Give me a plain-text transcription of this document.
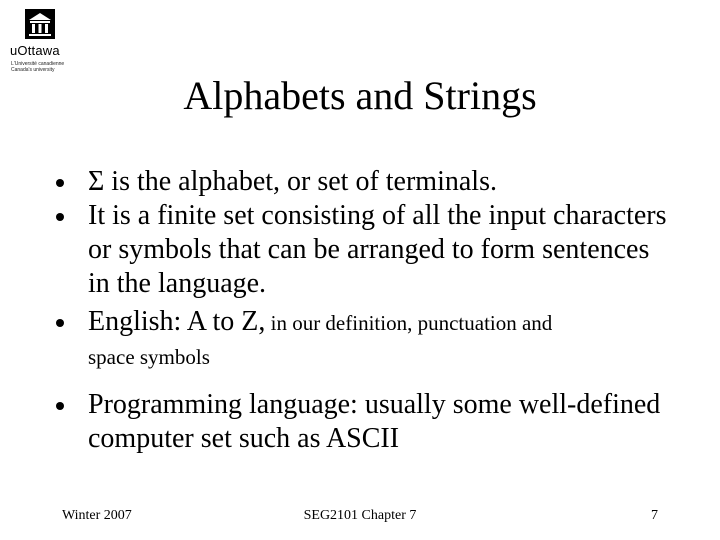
uOttawa
L'Université canadienne
Canada's university
Alphabets and Strings
Σ is the alphabet, or set of terminals.
It is a finite set consisting of all the input characters or symbols that can be arranged to form sentences in the language.
English: A to Z, in our definition, punctuation and
space symbols
Programming language: usually some well-defined computer set such as ASCII
Winter 2007	SEG2101 Chapter 7	7
